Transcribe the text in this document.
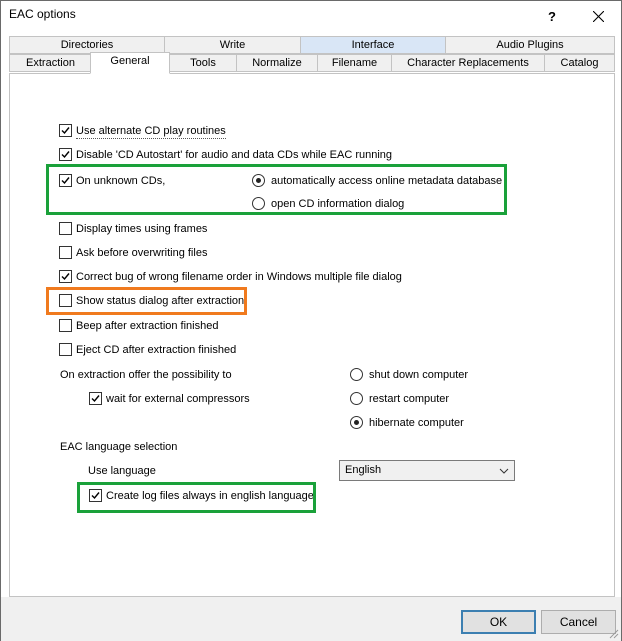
EAC options	?
Directories	Write	Interface	Audio Plugins
Extraction	General	Tools	Normalize	Filename	Character Replacements	Catalog
Use alternate CD play routines
Disable 'CD Autostart' for audio and data CDs while EAC running
On unknown CDs,	automatically access online metadata database
open CD information dialog
Display times using frames
Ask before overwriting files
Correct bug of wrong filename order in Windows multiple file dialog
Show status dialog after extraction
Beep after extraction finished
Eject CD after extraction finished
On extraction offer the possibility to
wait for external compressors
shut down computer
restart computer
hibernate computer
EAC language selection
Use language	English
Create log files always in english language
OK	Cancel
